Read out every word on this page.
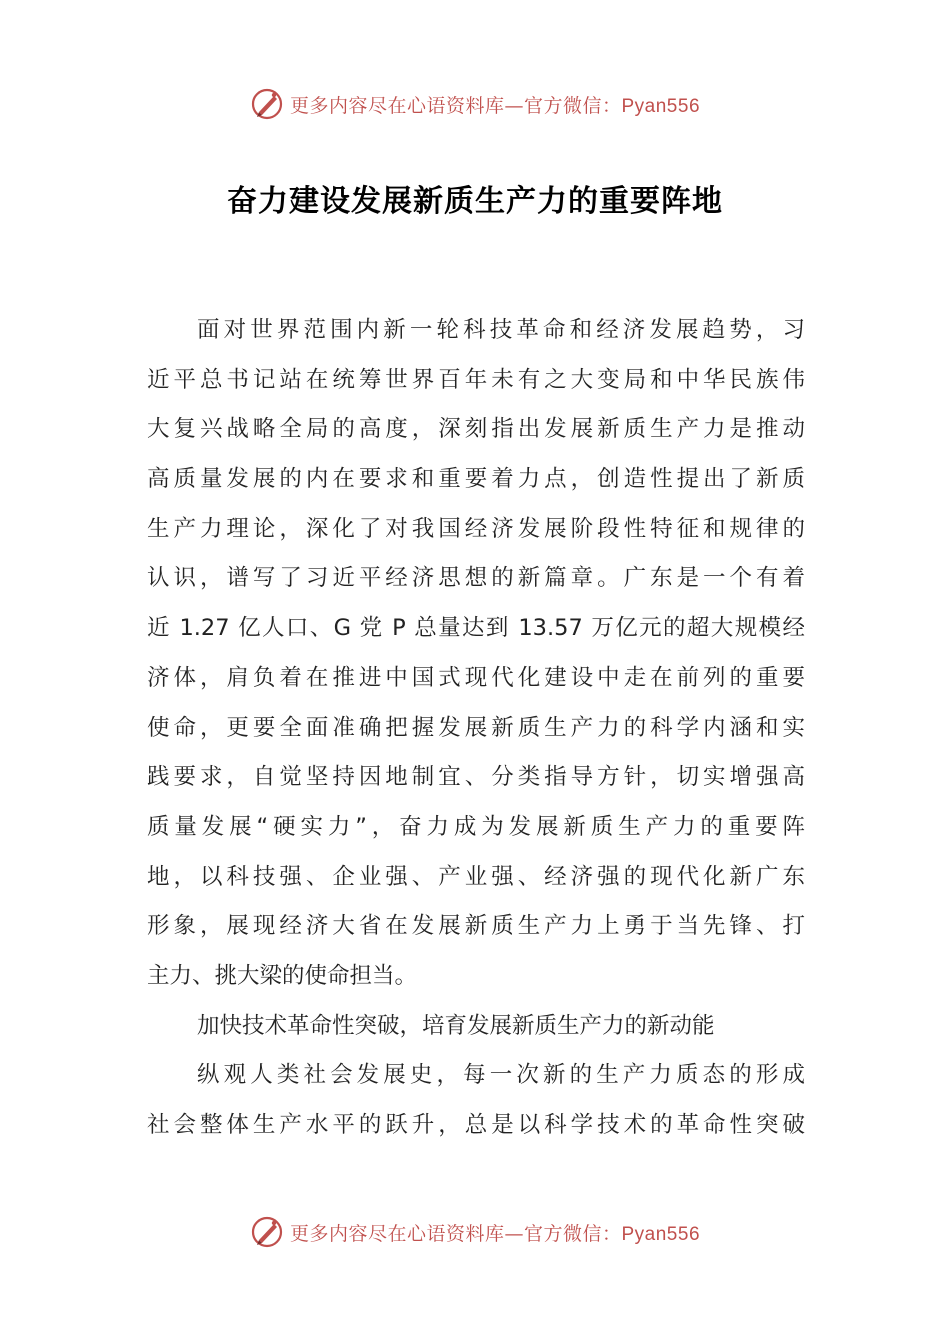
更多内容尽在心语资料库—官方微信：Pyan556
奋力建设发展新质生产力的重要阵地
面对世界范围内新一轮科技革命和经济发展趋势，习
近平总书记站在统筹世界百年未有之大变局和中华民族伟
大复兴战略全局的高度，深刻指出发展新质生产力是推动
高质量发展的内在要求和重要着力点，创造性提出了新质
生产力理论，深化了对我国经济发展阶段性特征和规律的
认识，谱写了习近平经济思想的新篇章。广东是一个有着
近 1.27 亿人口、G 党 P 总量达到 13.57 万亿元的超大规模经
济体，肩负着在推进中国式现代化建设中走在前列的重要
使命，更要全面准确把握发展新质生产力的科学内涵和实
践要求，自觉坚持因地制宜、分类指导方针，切实增强高
质量发展“硬实力”，奋力成为发展新质生产力的重要阵
地，以科技强、企业强、产业强、经济强的现代化新广东
形象，展现经济大省在发展新质生产力上勇于当先锋、打
主力、挑大梁的使命担当。
加快技术革命性突破，培育发展新质生产力的新动能
纵观人类社会发展史，每一次新的生产力质态的形成
社会整体生产水平的跃升，总是以科学技术的革命性突破
更多内容尽在心语资料库—官方微信：Pyan556
